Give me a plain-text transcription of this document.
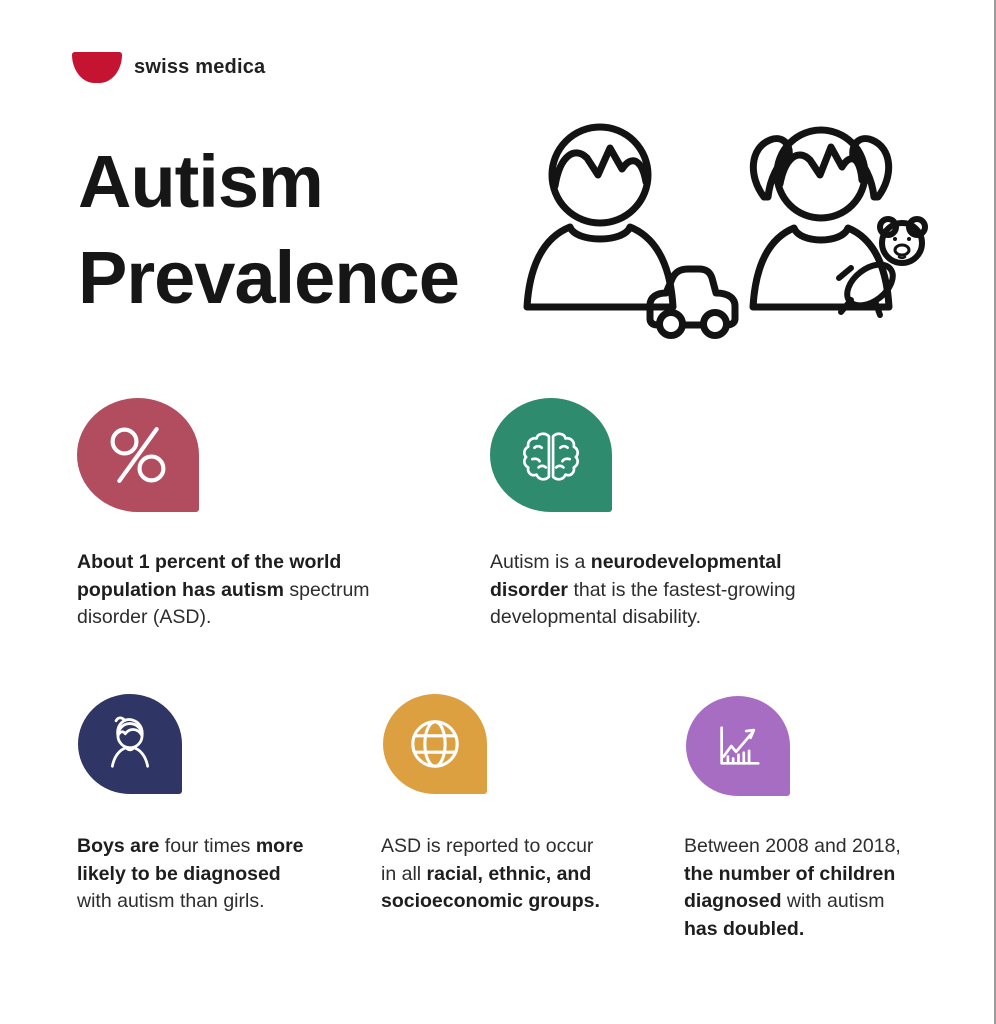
swiss medica
Autism
Prevalence

About 1 percent of the world
population has autism spectrum
disorder (ASD).

Autism is a neurodevelopmental
disorder that is the fastest-growing
developmental disability.

Boys are four times more
likely to be diagnosed
with autism than girls.

ASD is reported to occur
in all racial, ethnic, and
socioeconomic groups.

Between 2008 and 2018,
the number of children
diagnosed with autism
has doubled.
